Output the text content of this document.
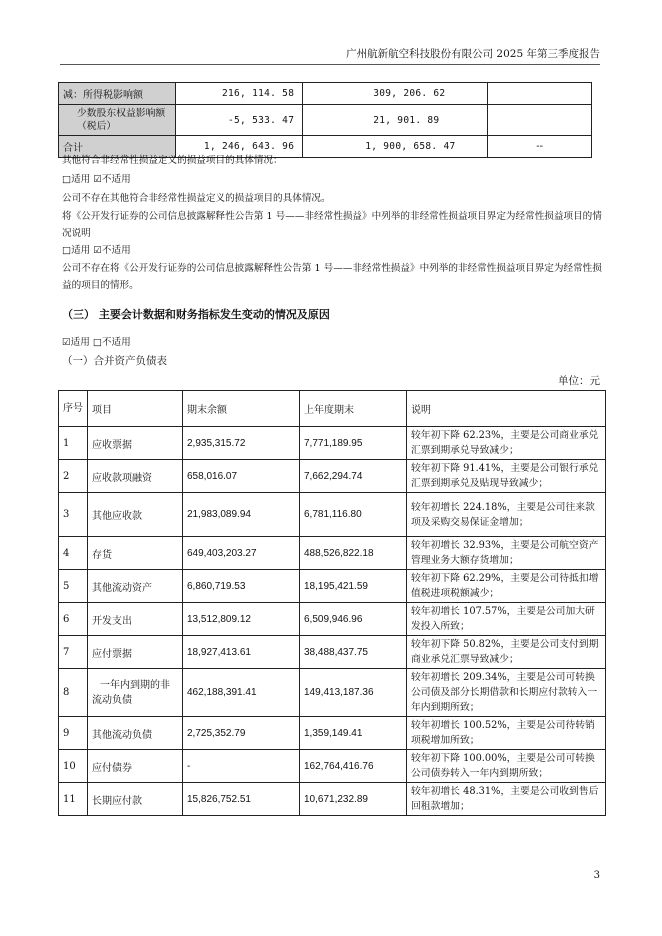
广州航新航空科技股份有限公司 2025 年第三季度报告
减：所得税影响额	216, 114. 58	309, 206. 62	
少数股东权益影响额（税后）	-5, 533. 47	21, 901. 89	
合计	1, 246, 643. 96	1, 900, 658. 47	--
其他符合非经常性损益定义的损益项目的具体情况：
□适用 ☑不适用
公司不存在其他符合非经常性损益定义的损益项目的具体情况。
将《公开发行证券的公司信息披露解释性公告第 1 号——非经常性损益》中列举的非经常性损益项目界定为经常性损益项目的情况说明
□适用 ☑不适用
公司不存在将《公开发行证券的公司信息披露解释性公告第 1 号——非经常性损益》中列举的非经常性损益项目界定为经常性损益的项目的情形。
（三） 主要会计数据和财务指标发生变动的情况及原因
☑适用 □不适用
（一）合并资产负债表
单位：元
序号	项目	期末余额	上年度期末	说明
1	应收票据	2,935,315.72	7,771,189.95	较年初下降 62.23%，主要是公司商业承兑汇票到期承兑导致减少；
2	应收款项融资	658,016.07	7,662,294.74	较年初下降 91.41%，主要是公司银行承兑汇票到期承兑及贴现导致减少；
3	其他应收款	21,983,089.94	6,781,116.80	较年初增长 224.18%，主要是公司往来款项及采购交易保证金增加；
4	存货	649,403,203.27	488,526,822.18	较年初增长 32.93%，主要是公司航空资产管理业务大额存货增加；
5	其他流动资产	6,860,719.53	18,195,421.59	较年初下降 62.29%，主要是公司待抵扣增值税进项税额减少；
6	开发支出	13,512,809.12	6,509,946.96	较年初增长 107.57%，主要是公司加大研发投入所致；
7	应付票据	18,927,413.61	38,488,437.75	较年初下降 50.82%，主要是公司支付到期商业承兑汇票导致减少；
8	一年内到期的非流动负债	462,188,391.41	149,413,187.36	较年初增长 209.34%，主要是公司可转换公司债及部分长期借款和长期应付款转入一年内到期所致；
9	其他流动负债	2,725,352.79	1,359,149.41	较年初增长 100.52%，主要是公司待转销项税增加所致；
10	应付债券	-	162,764,416.76	较年初下降 100.00%，主要是公司可转换公司债券转入一年内到期所致；
11	长期应付款	15,826,752.51	10,671,232.89	较年初增长 48.31%，主要是公司收到售后回租款增加；
3
